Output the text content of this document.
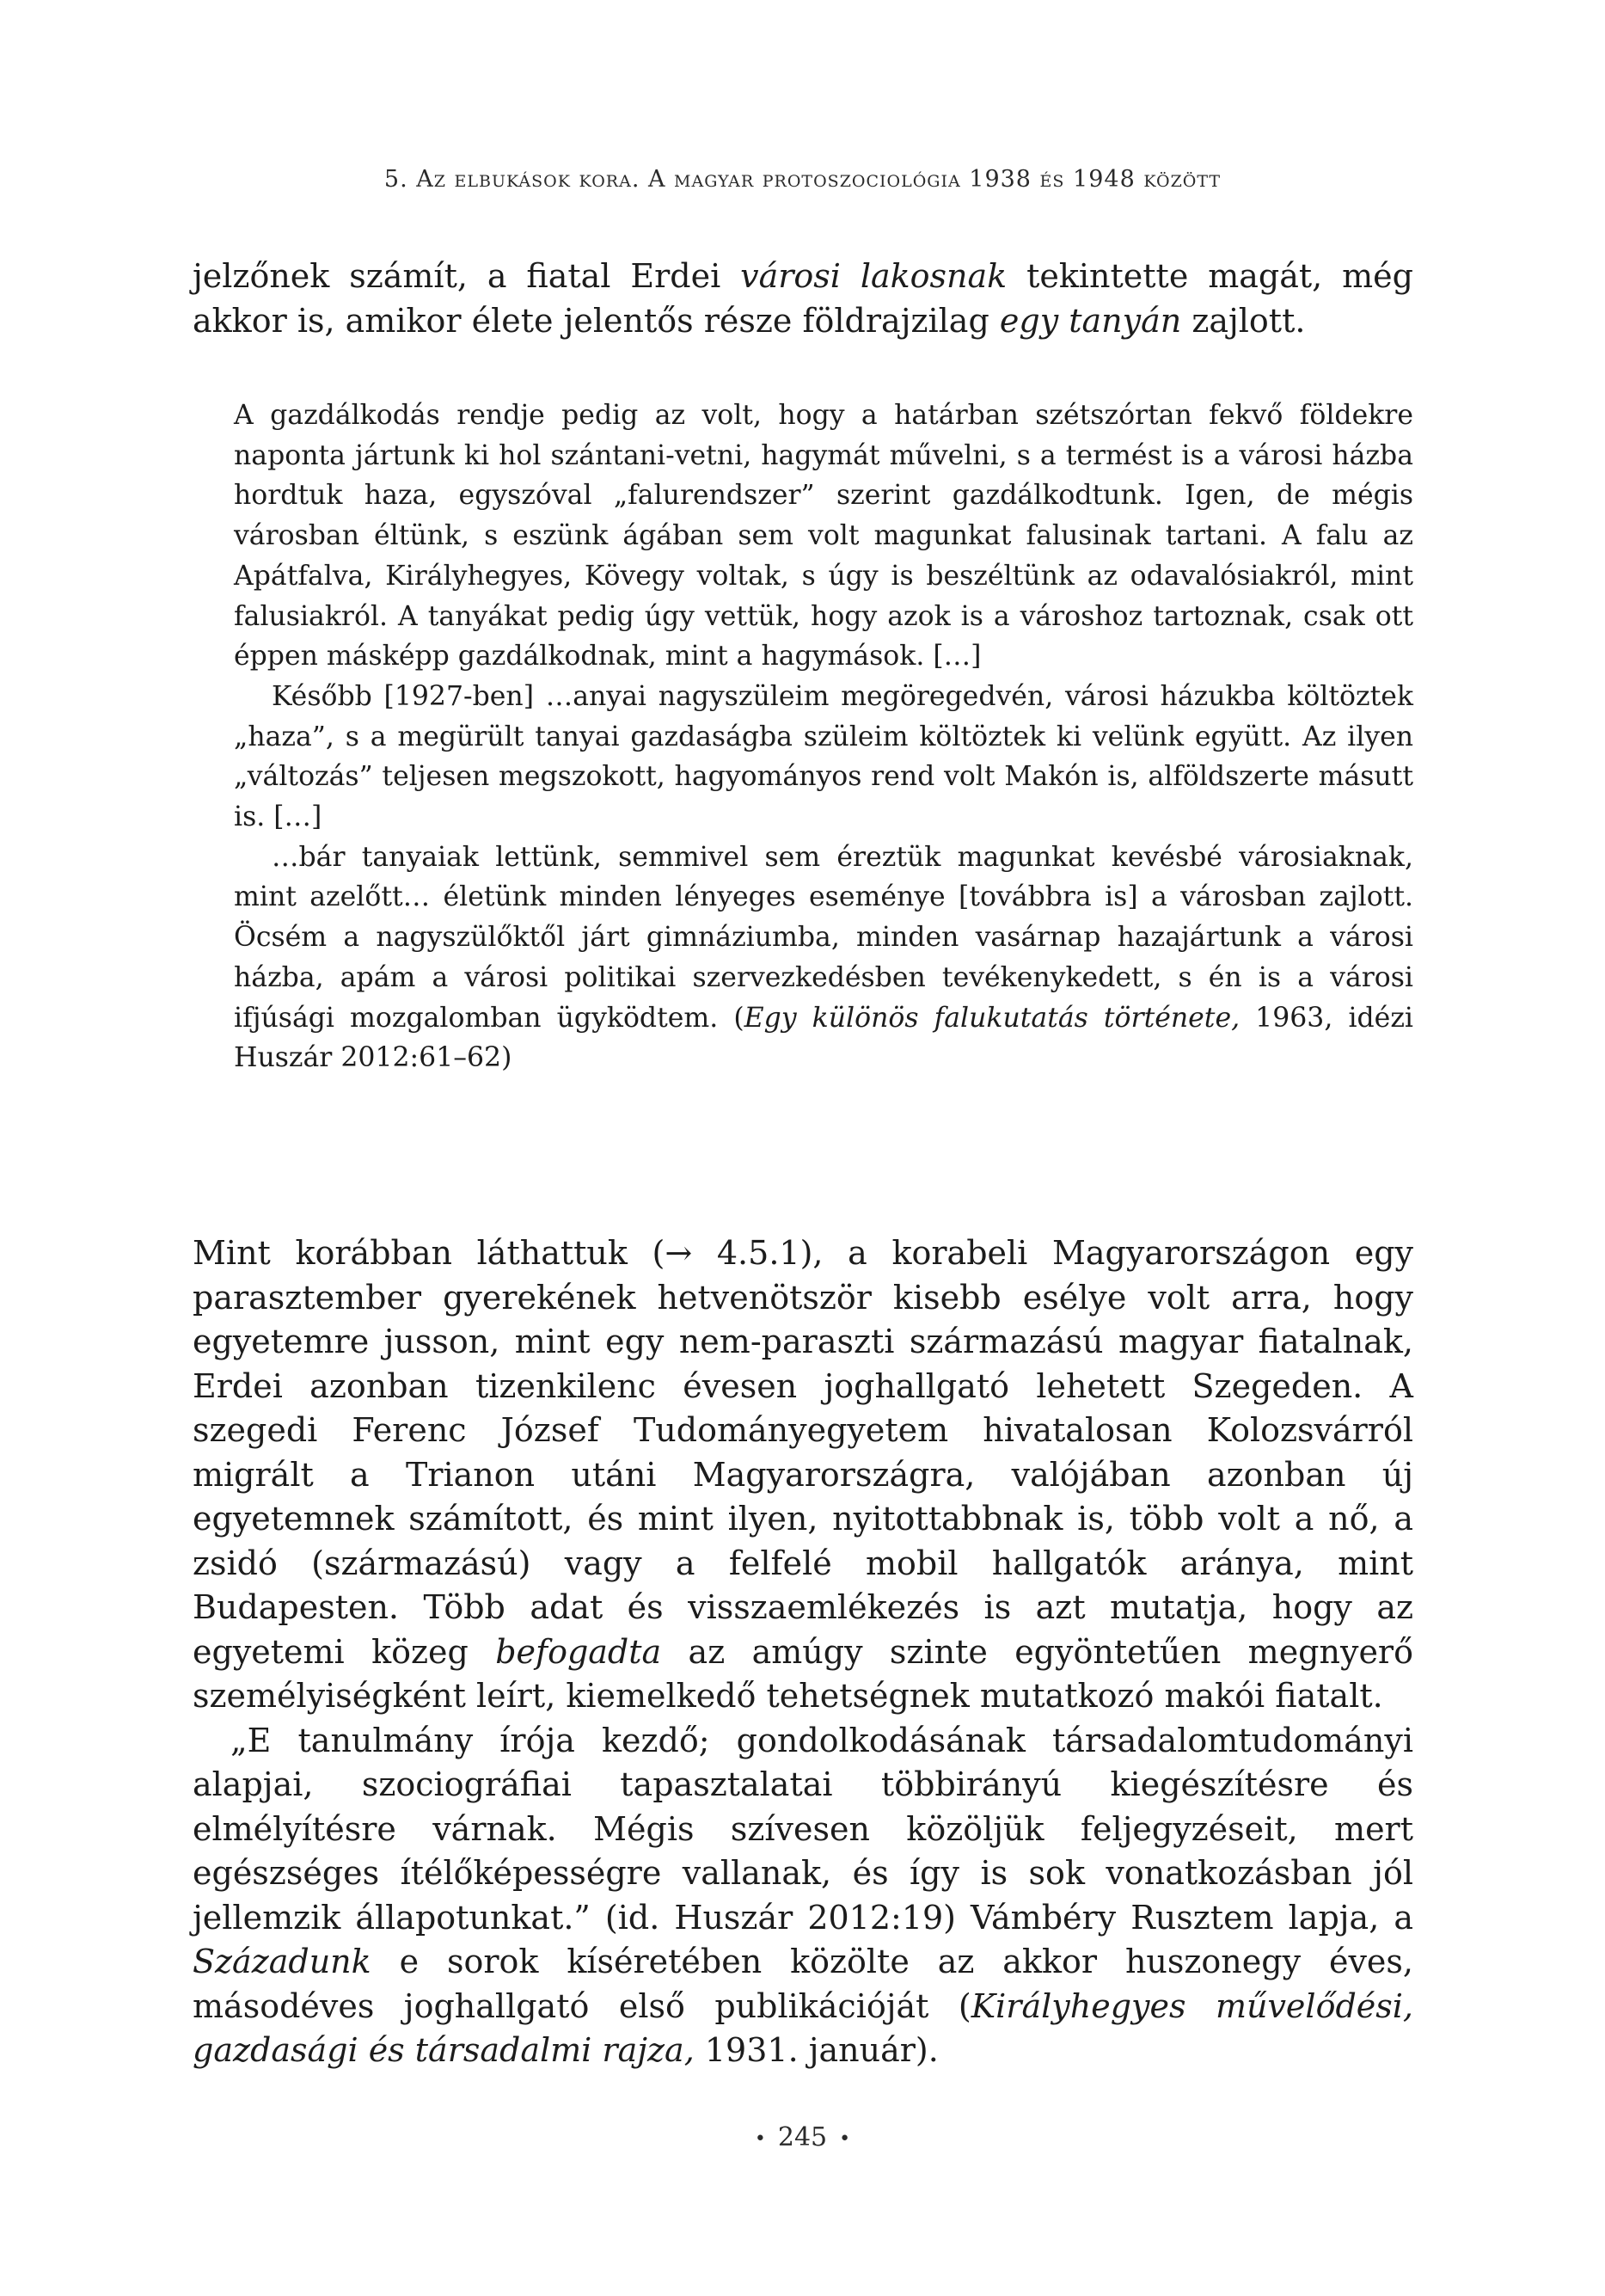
5. Az elbukások kora. A magyar protoszociológia 1938 és 1948 között

jelzőnek számít, a fiatal Erdei városi lakosnak tekintette magát, még akkor is, amikor élete jelentős része földrajzilag egy tanyán zajlott.

A gazdálkodás rendje pedig az volt, hogy a határban szétszórtan fekvő földekre naponta jártunk ki hol szántani-vetni, hagymát művelni, s a termést is a városi házba hordtuk haza, egyszóval „falurendszer” szerint gazdálkodtunk. Igen, de mégis városban éltünk, s eszünk ágában sem volt magunkat falusinak tartani. A falu az Apátfalva, Királyhegyes, Kövegy voltak, s úgy is beszéltünk az odavalósiakról, mint falusiakról. A tanyákat pedig úgy vettük, hogy azok is a városhoz tartoznak, csak ott éppen másképp gazdálkodnak, mint a hagymások. […]

Később [1927-ben] …anyai nagyszüleim megöregedvén, városi házukba költöztek „haza”, s a megürült tanyai gazdaságba szüleim költöztek ki velünk együtt. Az ilyen „változás” teljesen megszokott, hagyományos rend volt Makón is, alföldszerte másutt is. […]

…bár tanyaiak lettünk, semmivel sem éreztük magunkat kevésbé városiaknak, mint azelőtt… életünk minden lényeges eseménye [továbbra is] a városban zajlott. Öcsém a nagyszülőktől járt gimnáziumba, minden vasárnap hazajártunk a városi házba, apám a városi politikai szervezkedésben tevékenykedett, s én is a városi ifjúsági mozgalomban ügyködtem. (Egy különös falukutatás története, 1963, idézi Huszár 2012:61–62)

Mint korábban láthattuk (→ 4.5.1), a korabeli Magyarországon egy parasztember gyerekének hetvenötször kisebb esélye volt arra, hogy egyetemre jusson, mint egy nem-paraszti származású magyar fiatalnak, Erdei azonban tizenkilenc évesen joghallgató lehetett Szegeden. A szegedi Ferenc József Tudományegyetem hivatalosan Kolozsvárról migrált a Trianon utáni Magyarországra, valójában azonban új egyetemnek számított, és mint ilyen, nyitottabbnak is, több volt a nő, a zsidó (származású) vagy a felfelé mobil hallgatók aránya, mint Budapesten. Több adat és visszaemlékezés is azt mutatja, hogy az egyetemi közeg befogadta az amúgy szinte egyöntetűen megnyerő személyiségként leírt, kiemelkedő tehetségnek mutatkozó makói fiatalt.

„E tanulmány írója kezdő; gondolkodásának társadalomtudományi alapjai, szociográfiai tapasztalatai többirányú kiegészítésre és elmélyítésre várnak. Mégis szívesen közöljük feljegyzéseit, mert egészséges ítélőképességre vallanak, és így is sok vonatkozásban jól jellemzik állapotunkat.” (id. Huszár 2012:19) Vámbéry Rusztem lapja, a Századunk e sorok kíséretében közölte az akkor huszonegy éves, másodéves joghallgató első publikációját (Királyhegyes művelődési, gazdasági és társadalmi rajza, 1931. január).

• 245 •
